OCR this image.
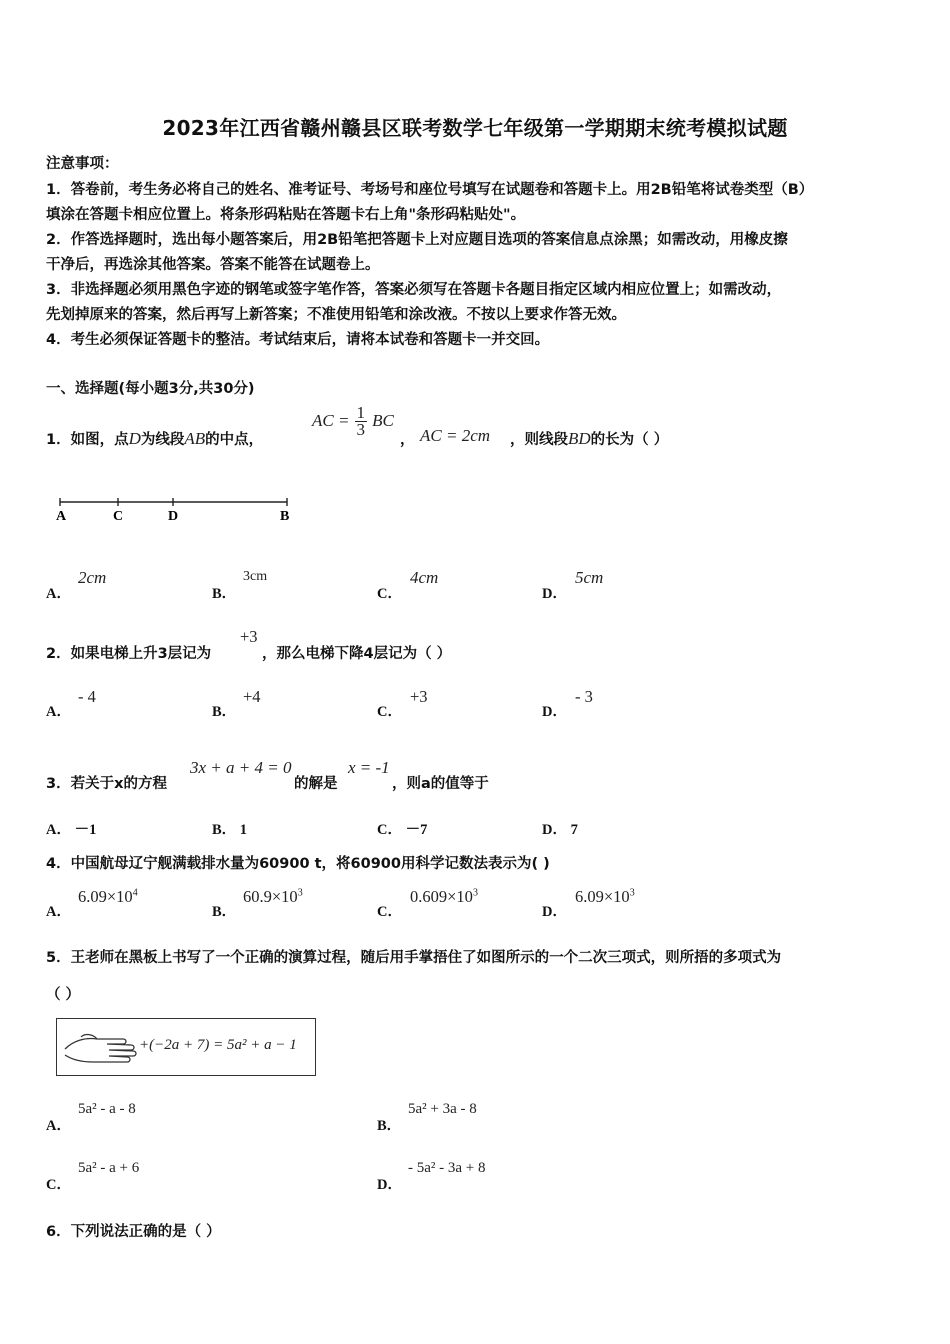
2023年江西省赣州赣县区联考数学七年级第一学期期末统考模拟试题
注意事项：
1．答卷前，考生务必将自己的姓名、准考证号、考场号和座位号填写在试题卷和答题卡上。用2B铅笔将试卷类型（B）
填涂在答题卡相应位置上。将条形码粘贴在答题卡右上角"条形码粘贴处"。
2．作答选择题时，选出每小题答案后，用2B铅笔把答题卡上对应题目选项的答案信息点涂黑；如需改动，用橡皮擦
干净后，再选涂其他答案。答案不能答在试题卷上。
3．非选择题必须用黑色字迹的钢笔或签字笔作答，答案必须写在答题卡各题目指定区域内相应位置上；如需改动，
先划掉原来的答案，然后再写上新答案；不准使用铅笔和涂改液。不按以上要求作答无效。
4．考生必须保证答题卡的整洁。考试结束后，请将本试卷和答题卡一并交回。
一、选择题(每小题3分,共30分)
1．如图，点D为线段AB的中点，
AC = $\frac{1}{3}$ BC
， AC = 2cm ，则线段BD的长为（ ）
A	C	D	B
A．
2cm
B．
3cm
C．
4cm
D．
5cm
2．如果电梯上升3层记为
+3
，那么电梯下降4层记为（ ）
A．
- 4
B．
+4
C．
+3
D．
- 3
3．若关于x的方程
3x + a + 4 = 0
的解是
x = -1
，则a的值等于
A． －1	B． 1	C． －7	D． 7
4．中国航母辽宁舰满载排水量为60900 t，将60900用科学记数法表示为( )
A．
$6.09\times 10^4$
B．
$60.9\times 10^3$
C．
$0.609\times 10^3$
D．
$6.09\times 10^3$
5．王老师在黑板上书写了一个正确的演算过程，随后用手掌捂住了如图所示的一个二次三项式，则所捂的多项式为
（ ）
+(−2a + 7) = 5a² + a − 1
A．
5a² - a - 8
B．
5a² + 3a - 8
C．
5a² - a + 6
D．
- 5a² - 3a + 8
6．下列说法正确的是（ ）
